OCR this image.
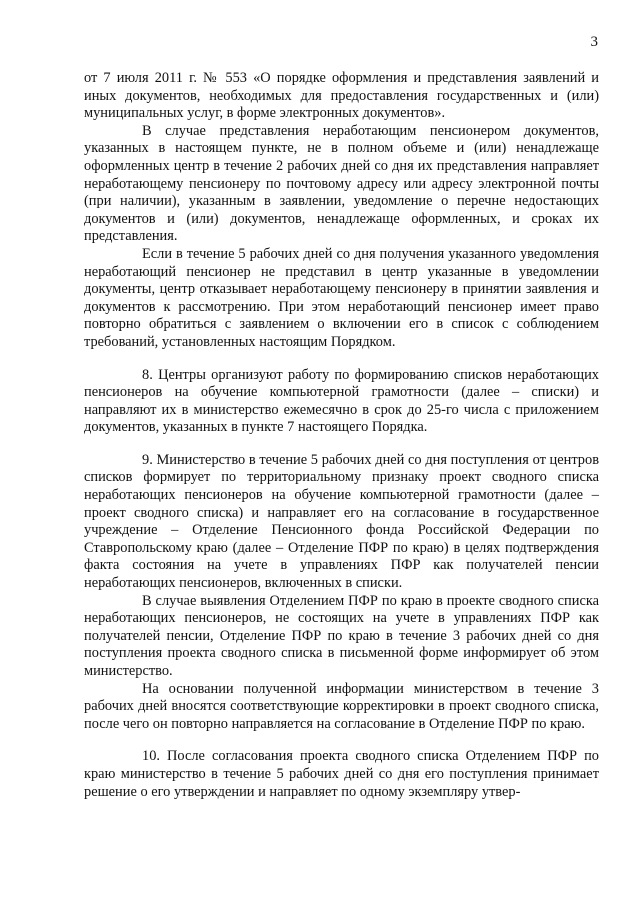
3

от 7 июля 2011 г. № 553 «О порядке оформления и представления заявлений и иных документов, необходимых для предоставления государственных и (или) муниципальных услуг, в форме электронных документов».

В случае представления неработающим пенсионером документов, указанных в настоящем пункте, не в полном объеме и (или) ненадлежаще оформленных центр в течение 2 рабочих дней со дня их представления направляет неработающему пенсионеру по почтовому адресу или адресу электронной почты (при наличии), указанным в заявлении, уведомление о перечне недостающих документов и (или) документов, ненадлежаще оформленных, и сроках их представления.

Если в течение 5 рабочих дней со дня получения указанного уведомления неработающий пенсионер не представил в центр указанные в уведомлении документы, центр отказывает неработающему пенсионеру в принятии заявления и документов к рассмотрению. При этом неработающий пенсионер имеет право повторно обратиться с заявлением о включении его в список с соблюдением требований, установленных настоящим Порядком.

8. Центры организуют работу по формированию списков неработающих пенсионеров на обучение компьютерной грамотности (далее – списки) и направляют их в министерство ежемесячно в срок до 25-го числа с приложением документов, указанных в пункте 7 настоящего Порядка.

9. Министерство в течение 5 рабочих дней со дня поступления от центров списков формирует по территориальному признаку проект сводного списка неработающих пенсионеров на обучение компьютерной грамотности (далее – проект сводного списка) и направляет его на согласование в государственное учреждение – Отделение Пенсионного фонда Российской Федерации по Ставропольскому краю (далее – Отделение ПФР по краю) в целях подтверждения факта состояния на учете в управлениях ПФР как получателей пенсии неработающих пенсионеров, включенных в списки.

В случае выявления Отделением ПФР по краю в проекте сводного списка неработающих пенсионеров, не состоящих на учете в управлениях ПФР как получателей пенсии, Отделение ПФР по краю в течение 3 рабочих дней со дня поступления проекта сводного списка в письменной форме информирует об этом министерство.

На основании полученной информации министерством в течение 3 рабочих дней вносятся соответствующие корректировки в проект сводного списка, после чего он повторно направляется на согласование в Отделение ПФР по краю.

10. После согласования проекта сводного списка Отделением ПФР по краю министерство в течение 5 рабочих дней со дня его поступления принимает решение о его утверждении и направляет по одному экземпляру утвер-
